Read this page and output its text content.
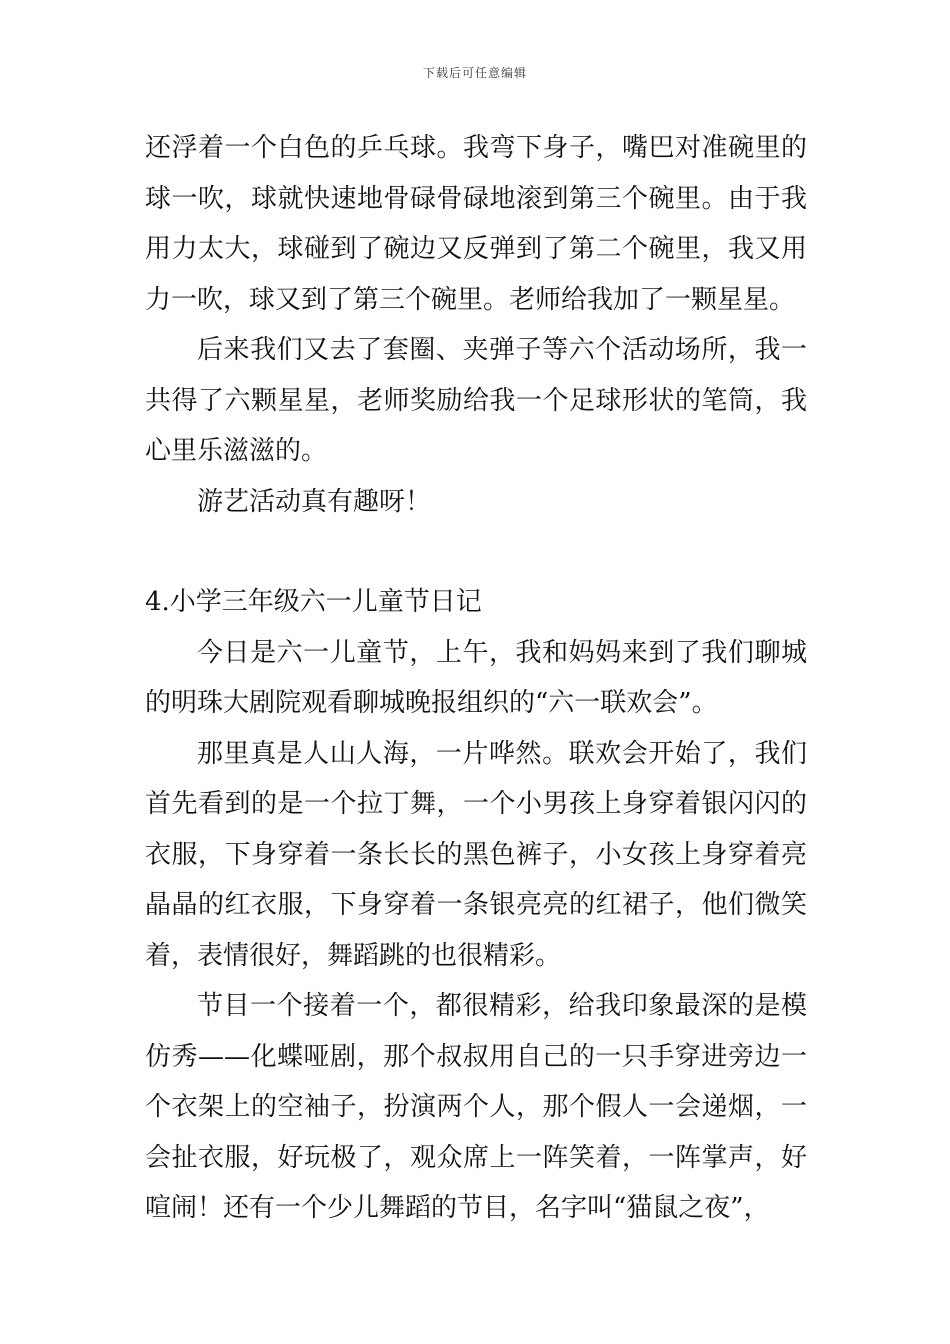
下载后可任意编辑

还浮着一个白色的乒乓球。我弯下身子，嘴巴对准碗里的球一吹，球就快速地骨碌骨碌地滚到第三个碗里。由于我用力太大，球碰到了碗边又反弹到了第二个碗里，我又用力一吹，球又到了第三个碗里。老师给我加了一颗星星。

后来我们又去了套圈、夹弹子等六个活动场所，我一共得了六颗星星，老师奖励给我一个足球形状的笔筒，我心里乐滋滋的。

游艺活动真有趣呀！

4.小学三年级六一儿童节日记

今日是六一儿童节，上午，我和妈妈来到了我们聊城的明珠大剧院观看聊城晚报组织的“六一联欢会”。

那里真是人山人海，一片哗然。联欢会开始了，我们首先看到的是一个拉丁舞，一个小男孩上身穿着银闪闪的衣服，下身穿着一条长长的黑色裤子，小女孩上身穿着亮晶晶的红衣服，下身穿着一条银亮亮的红裙子，他们微笑着，表情很好，舞蹈跳的也很精彩。

节目一个接着一个，都很精彩，给我印象最深的是模仿秀——化蝶哑剧，那个叔叔用自己的一只手穿进旁边一个衣架上的空袖子，扮演两个人，那个假人一会递烟，一会扯衣服，好玩极了，观众席上一阵笑着，一阵掌声，好喧闹！还有一个少儿舞蹈的节目，名字叫“猫鼠之夜”，
